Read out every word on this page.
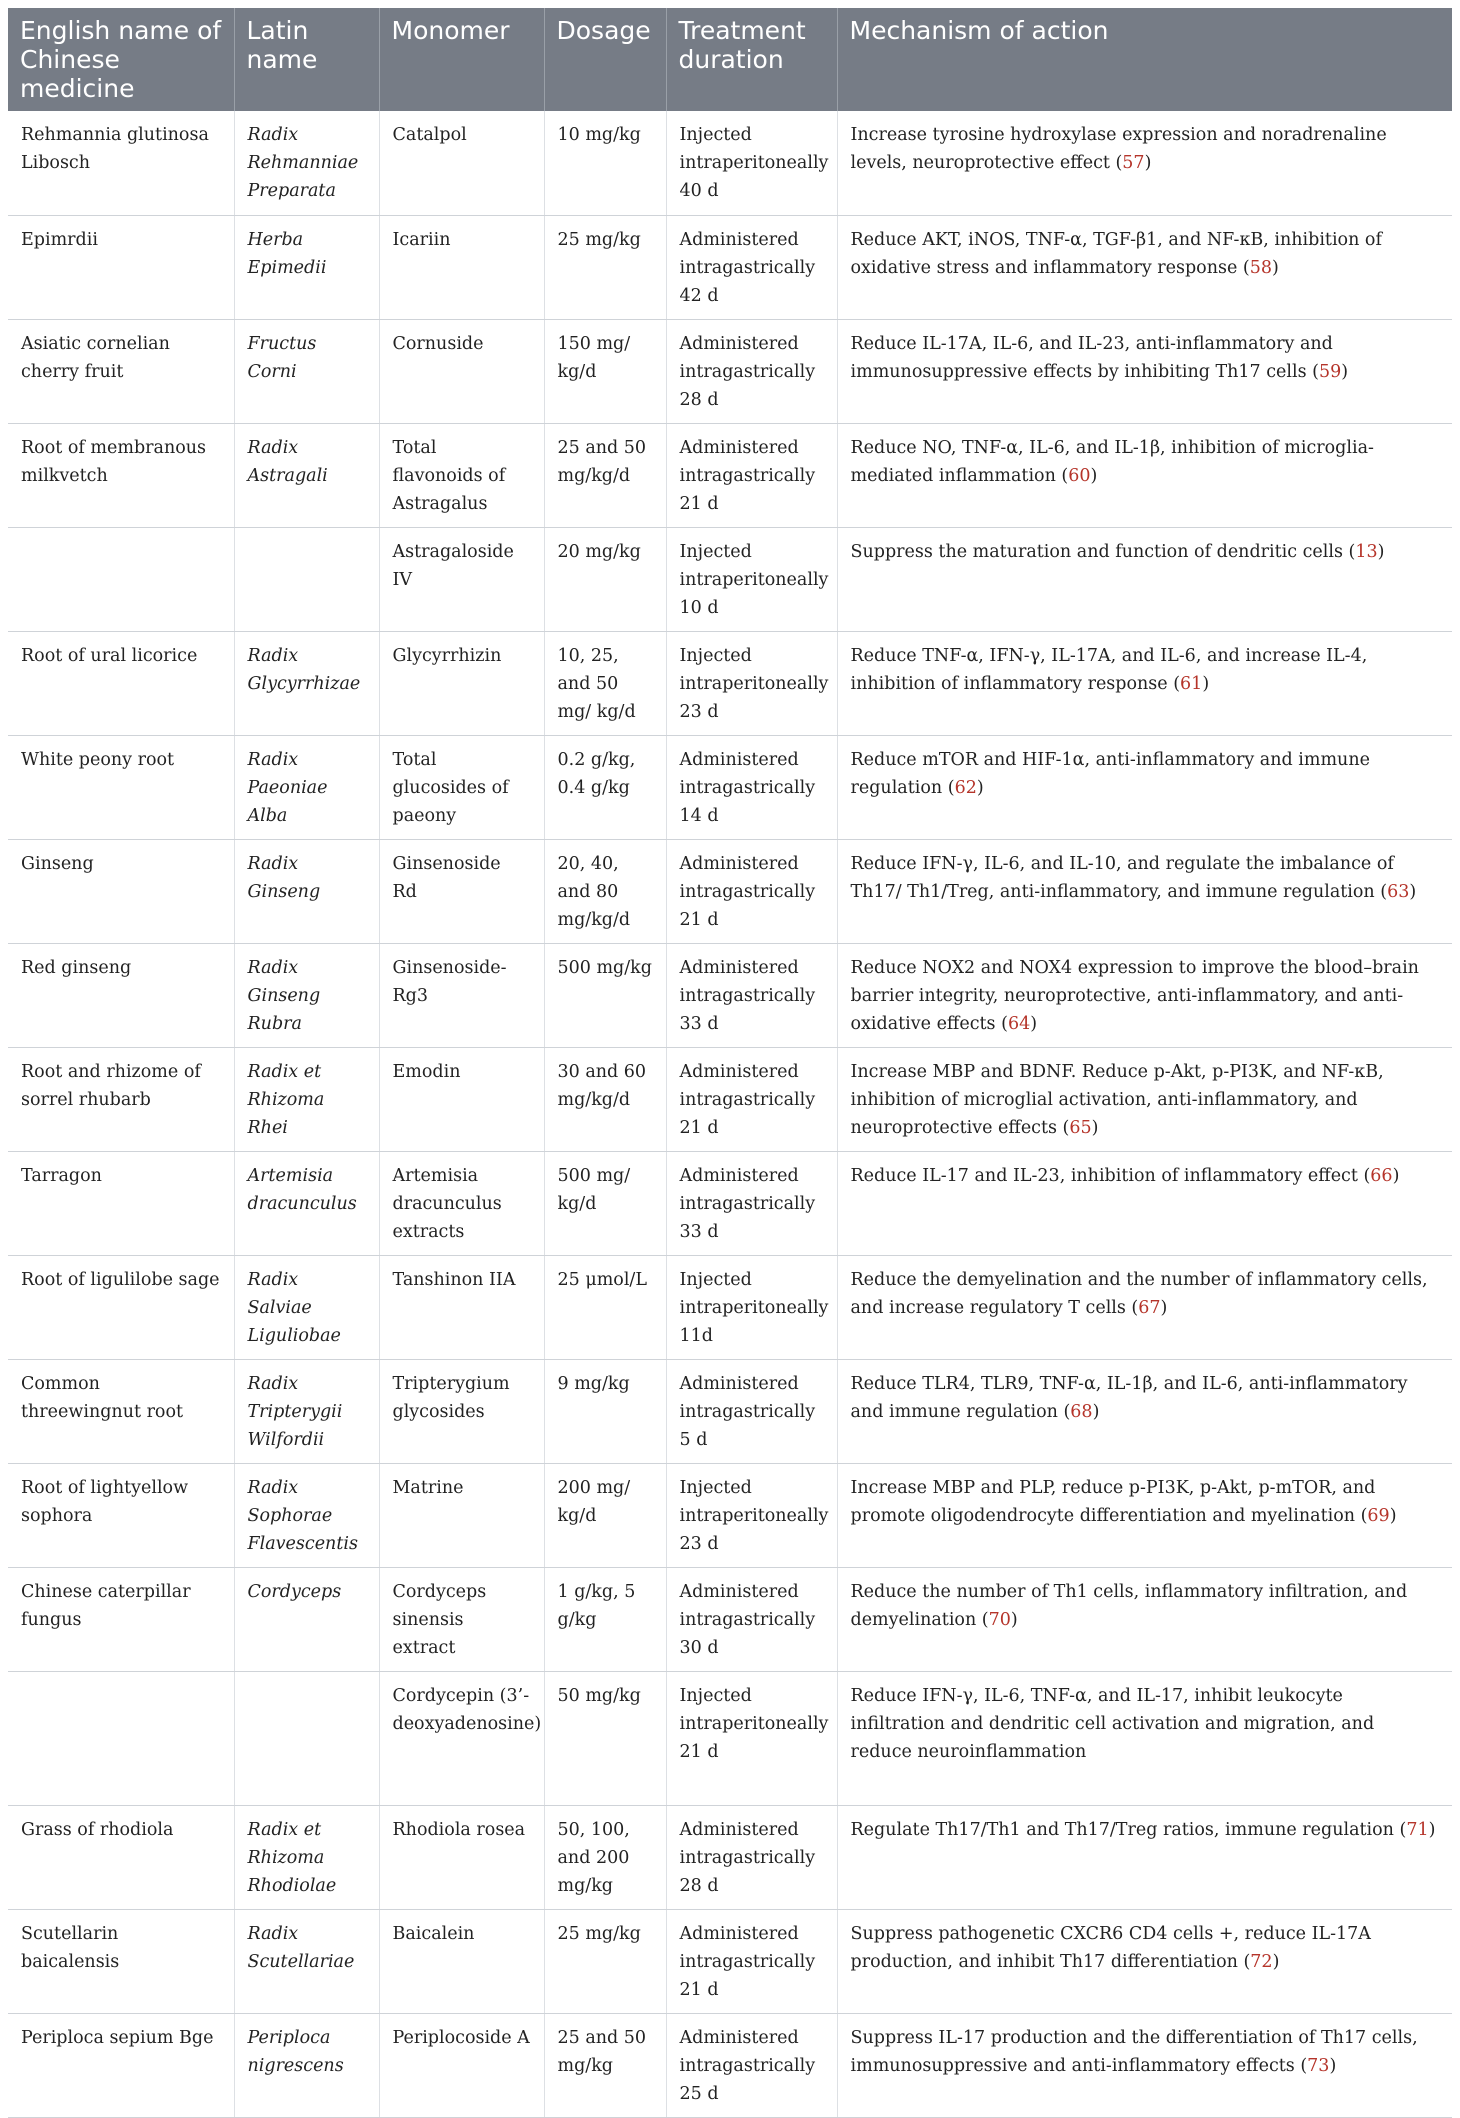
English name of Chinese medicine	Latin name	Monomer	Dosage	Treatment duration	Mechanism of action
Rehmannia glutinosa Libosch	Radix Rehmanniae Preparata	Catalpol	10 mg/kg	Injected intraperitoneally 40 d	Increase tyrosine hydroxylase expression and noradrenaline levels, neuroprotective effect (57)
Epimrdii	Herba Epimedii	Icariin	25 mg/kg	Administered intragastrically 42 d	Reduce AKT, iNOS, TNF-α, TGF-β1, and NF-κB, inhibition of oxidative stress and inflammatory response (58)
Asiatic cornelian cherry fruit	Fructus Corni	Cornuside	150 mg/ kg/d	Administered intragastrically 28 d	Reduce IL-17A, IL-6, and IL-23, anti-inflammatory and immunosuppressive effects by inhibiting Th17 cells (59)
Root of membranous milkvetch	Radix Astragali	Total flavonoids of Astragalus	25 and 50 mg/kg/d	Administered intragastrically 21 d	Reduce NO, TNF-α, IL-6, and IL-1β, inhibition of microglia-mediated inflammation (60)
		Astragaloside IV	20 mg/kg	Injected intraperitoneally 10 d	Suppress the maturation and function of dendritic cells (13)
Root of ural licorice	Radix Glycyrrhizae	Glycyrrhizin	10, 25, and 50 mg/ kg/d	Injected intraperitoneally 23 d	Reduce TNF-α, IFN-γ, IL-17A, and IL-6, and increase IL-4, inhibition of inflammatory response (61)
White peony root	Radix Paeoniae Alba	Total glucosides of paeony	0.2 g/kg, 0.4 g/kg	Administered intragastrically 14 d	Reduce mTOR and HIF-1α, anti-inflammatory and immune regulation (62)
Ginseng	Radix Ginseng	Ginsenoside Rd	20, 40, and 80 mg/kg/d	Administered intragastrically 21 d	Reduce IFN-γ, IL-6, and IL-10, and regulate the imbalance of Th17/ Th1/Treg, anti-inflammatory, and immune regulation (63)
Red ginseng	Radix Ginseng Rubra	Ginsenoside-Rg3	500 mg/kg	Administered intragastrically 33 d	Reduce NOX2 and NOX4 expression to improve the blood–brain barrier integrity, neuroprotective, anti-inflammatory, and anti-oxidative effects (64)
Root and rhizome of sorrel rhubarb	Radix et Rhizoma Rhei	Emodin	30 and 60 mg/kg/d	Administered intragastrically 21 d	Increase MBP and BDNF. Reduce p-Akt, p-PI3K, and NF-κB, inhibition of microglial activation, anti-inflammatory, and neuroprotective effects (65)
Tarragon	Artemisia dracunculus	Artemisia dracunculus extracts	500 mg/ kg/d	Administered intragastrically 33 d	Reduce IL-17 and IL-23, inhibition of inflammatory effect (66)
Root of ligulilobe sage	Radix Salviae Liguliobae	Tanshinon IIA	25 μmol/L	Injected intraperitoneally 11d	Reduce the demyelination and the number of inflammatory cells, and increase regulatory T cells (67)
Common threewingnut root	Radix Tripterygii Wilfordii	Tripterygium glycosides	9 mg/kg	Administered intragastrically 5 d	Reduce TLR4, TLR9, TNF-α, IL-1β, and IL-6, anti-inflammatory and immune regulation (68)
Root of lightyellow sophora	Radix Sophorae Flavescentis	Matrine	200 mg/ kg/d	Injected intraperitoneally 23 d	Increase MBP and PLP, reduce p-PI3K, p-Akt, p-mTOR, and promote oligodendrocyte differentiation and myelination (69)
Chinese caterpillar fungus	Cordyceps	Cordyceps sinensis extract	1 g/kg, 5 g/kg	Administered intragastrically 30 d	Reduce the number of Th1 cells, inflammatory infiltration, and demyelination (70)
		Cordycepin (3’-deoxyadenosine)	50 mg/kg	Injected intraperitoneally 21 d	Reduce IFN-γ, IL-6, TNF-α, and IL-17, inhibit leukocyte infiltration and dendritic cell activation and migration, and reduce neuroinflammation
Grass of rhodiola	Radix et Rhizoma Rhodiolae	Rhodiola rosea	50, 100, and 200 mg/kg	Administered intragastrically 28 d	Regulate Th17/Th1 and Th17/Treg ratios, immune regulation (71)
Scutellarin baicalensis	Radix Scutellariae	Baicalein	25 mg/kg	Administered intragastrically 21 d	Suppress pathogenetic CXCR6 CD4 cells +, reduce IL-17A production, and inhibit Th17 differentiation (72)
Periploca sepium Bge	Periploca nigrescens	Periplocoside A	25 and 50 mg/kg	Administered intragastrically 25 d	Suppress IL-17 production and the differentiation of Th17 cells, immunosuppressive and anti-inflammatory effects (73)
